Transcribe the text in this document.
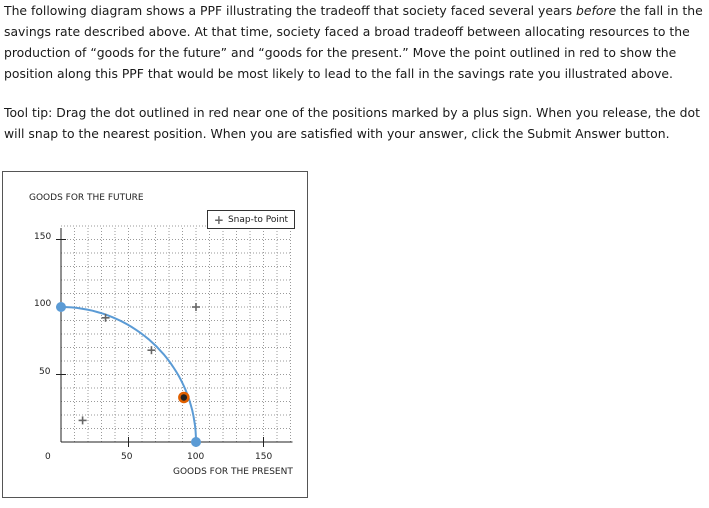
The following diagram shows a PPF illustrating the tradeoff that society faced several years before the fall in the savings rate described above. At that time, society faced a broad tradeoff between allocating resources to the production of “goods for the future” and “goods for the present.” Move the point outlined in red to show the position along this PPF that would be most likely to lead to the fall in the savings rate you illustrated above.

Tool tip: Drag the dot outlined in red near one of the positions marked by a plus sign. When you release, the dot will snap to the nearest position. When you are satisfied with your answer, click the Submit Answer button.

GOODS FOR THE FUTURE
150
100
50
0	50	100	150
GOODS FOR THE PRESENT
+ Snap-to Point
